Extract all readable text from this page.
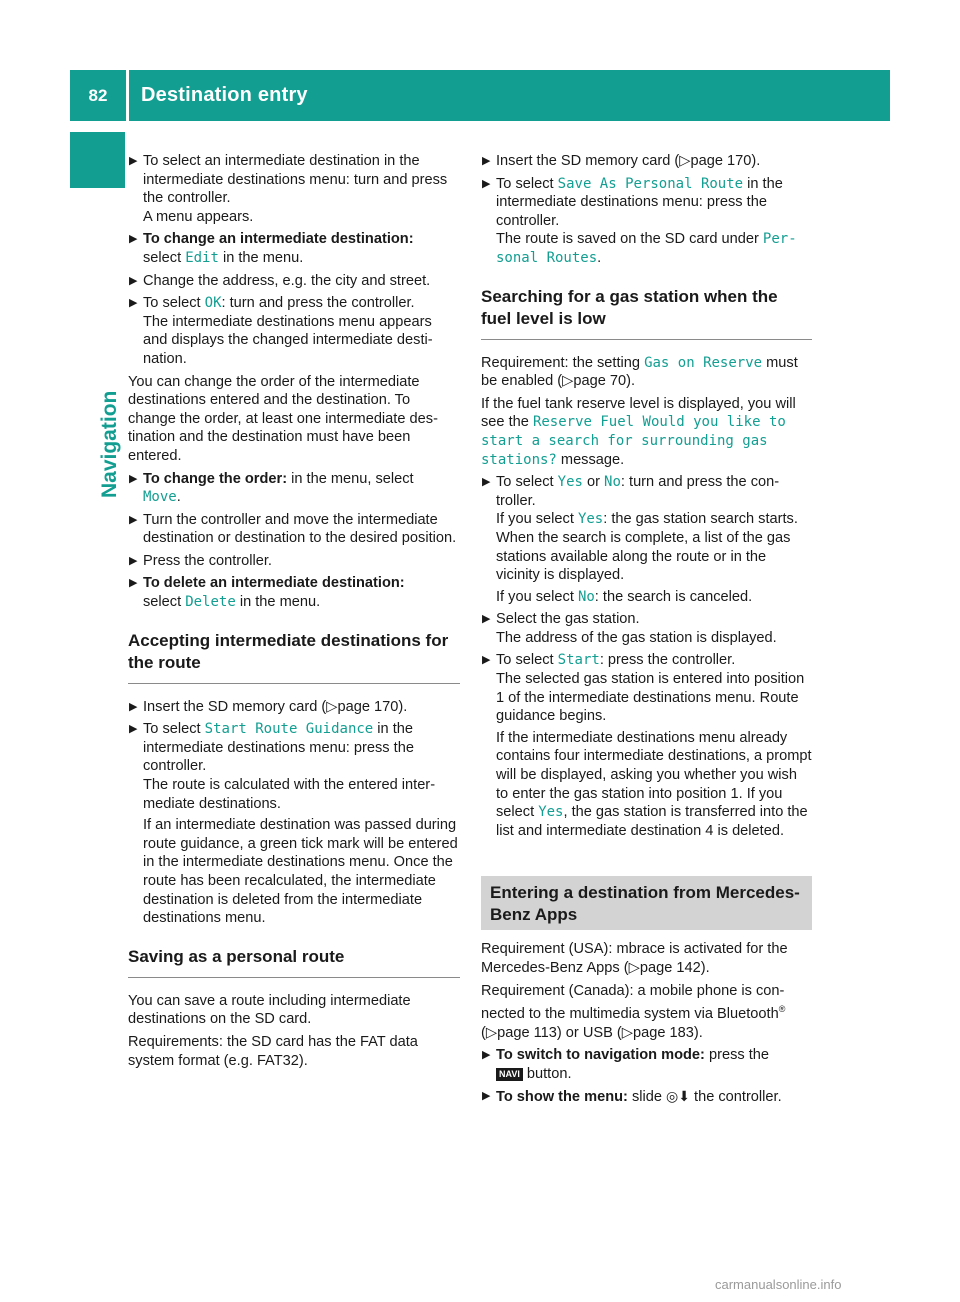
82	Destination entry
Navigation
▶ To select an intermediate destination in the intermediate destinations menu: turn and press the controller.
A menu appears.
▶ To change an intermediate destination:
select Edit in the menu.
▶ Change the address, e.g. the city and street.
▶ To select OK: turn and press the controller.
The intermediate destinations menu appears and displays the changed intermediate destination.

You can change the order of the intermediate destinations entered and the destination. To change the order, at least one intermediate destination and the destination must have been entered.

▶ To change the order: in the menu, select
Move.
▶ Turn the controller and move the intermediate destination or destination to the desired position.
▶ Press the controller.
▶ To delete an intermediate destination:
select Delete in the menu.
Accepting intermediate destinations for the route
▶ Insert the SD memory card (▷page 170).
▶ To select Start Route Guidance in the intermediate destinations menu: press the controller.
The route is calculated with the entered intermediate destinations.
If an intermediate destination was passed during route guidance, a green tick mark will be entered in the intermediate destinations menu. Once the route has been recalculated, the intermediate destination is deleted from the intermediate destinations menu.
Saving as a personal route

You can save a route including intermediate destinations on the SD card.

Requirements: the SD card has the FAT data system format (e.g. FAT32).

▶ Insert the SD memory card (▷page 170).
▶ To select Save As Personal Route in the intermediate destinations menu: press the controller.
The route is saved on the SD card under Personal Routes.
Searching for a gas station when the fuel level is low

Requirement: the setting Gas on Reserve must be enabled (▷page 70).

If the fuel tank reserve level is displayed, you will see the Reserve Fuel Would you like to start a search for surrounding gas stations? message.

▶ To select Yes or No: turn and press the controller.
If you select Yes: the gas station search starts. When the search is complete, a list of the gas stations available along the route or in the vicinity is displayed.
If you select No: the search is canceled.
▶ Select the gas station.
The address of the gas station is displayed.
▶ To select Start: press the controller.
The selected gas station is entered into position 1 of the intermediate destinations menu. Route guidance begins.
If the intermediate destinations menu already contains four intermediate destinations, a prompt will be displayed, asking you whether you wish to enter the gas station into position 1. If you select Yes, the gas station is transferred into the list and intermediate destination 4 is deleted.
Entering a destination from Mercedes-Benz Apps

Requirement (USA): mbrace is activated for the Mercedes-Benz Apps (▷page 142).

Requirement (Canada): a mobile phone is connected to the multimedia system via Bluetooth®
(▷page 113) or USB (▷page 183).

▶ To switch to navigation mode: press the
NAVI button.
▶ To show the menu: slide ◎⬇ the controller.
carmanualsonline.info
